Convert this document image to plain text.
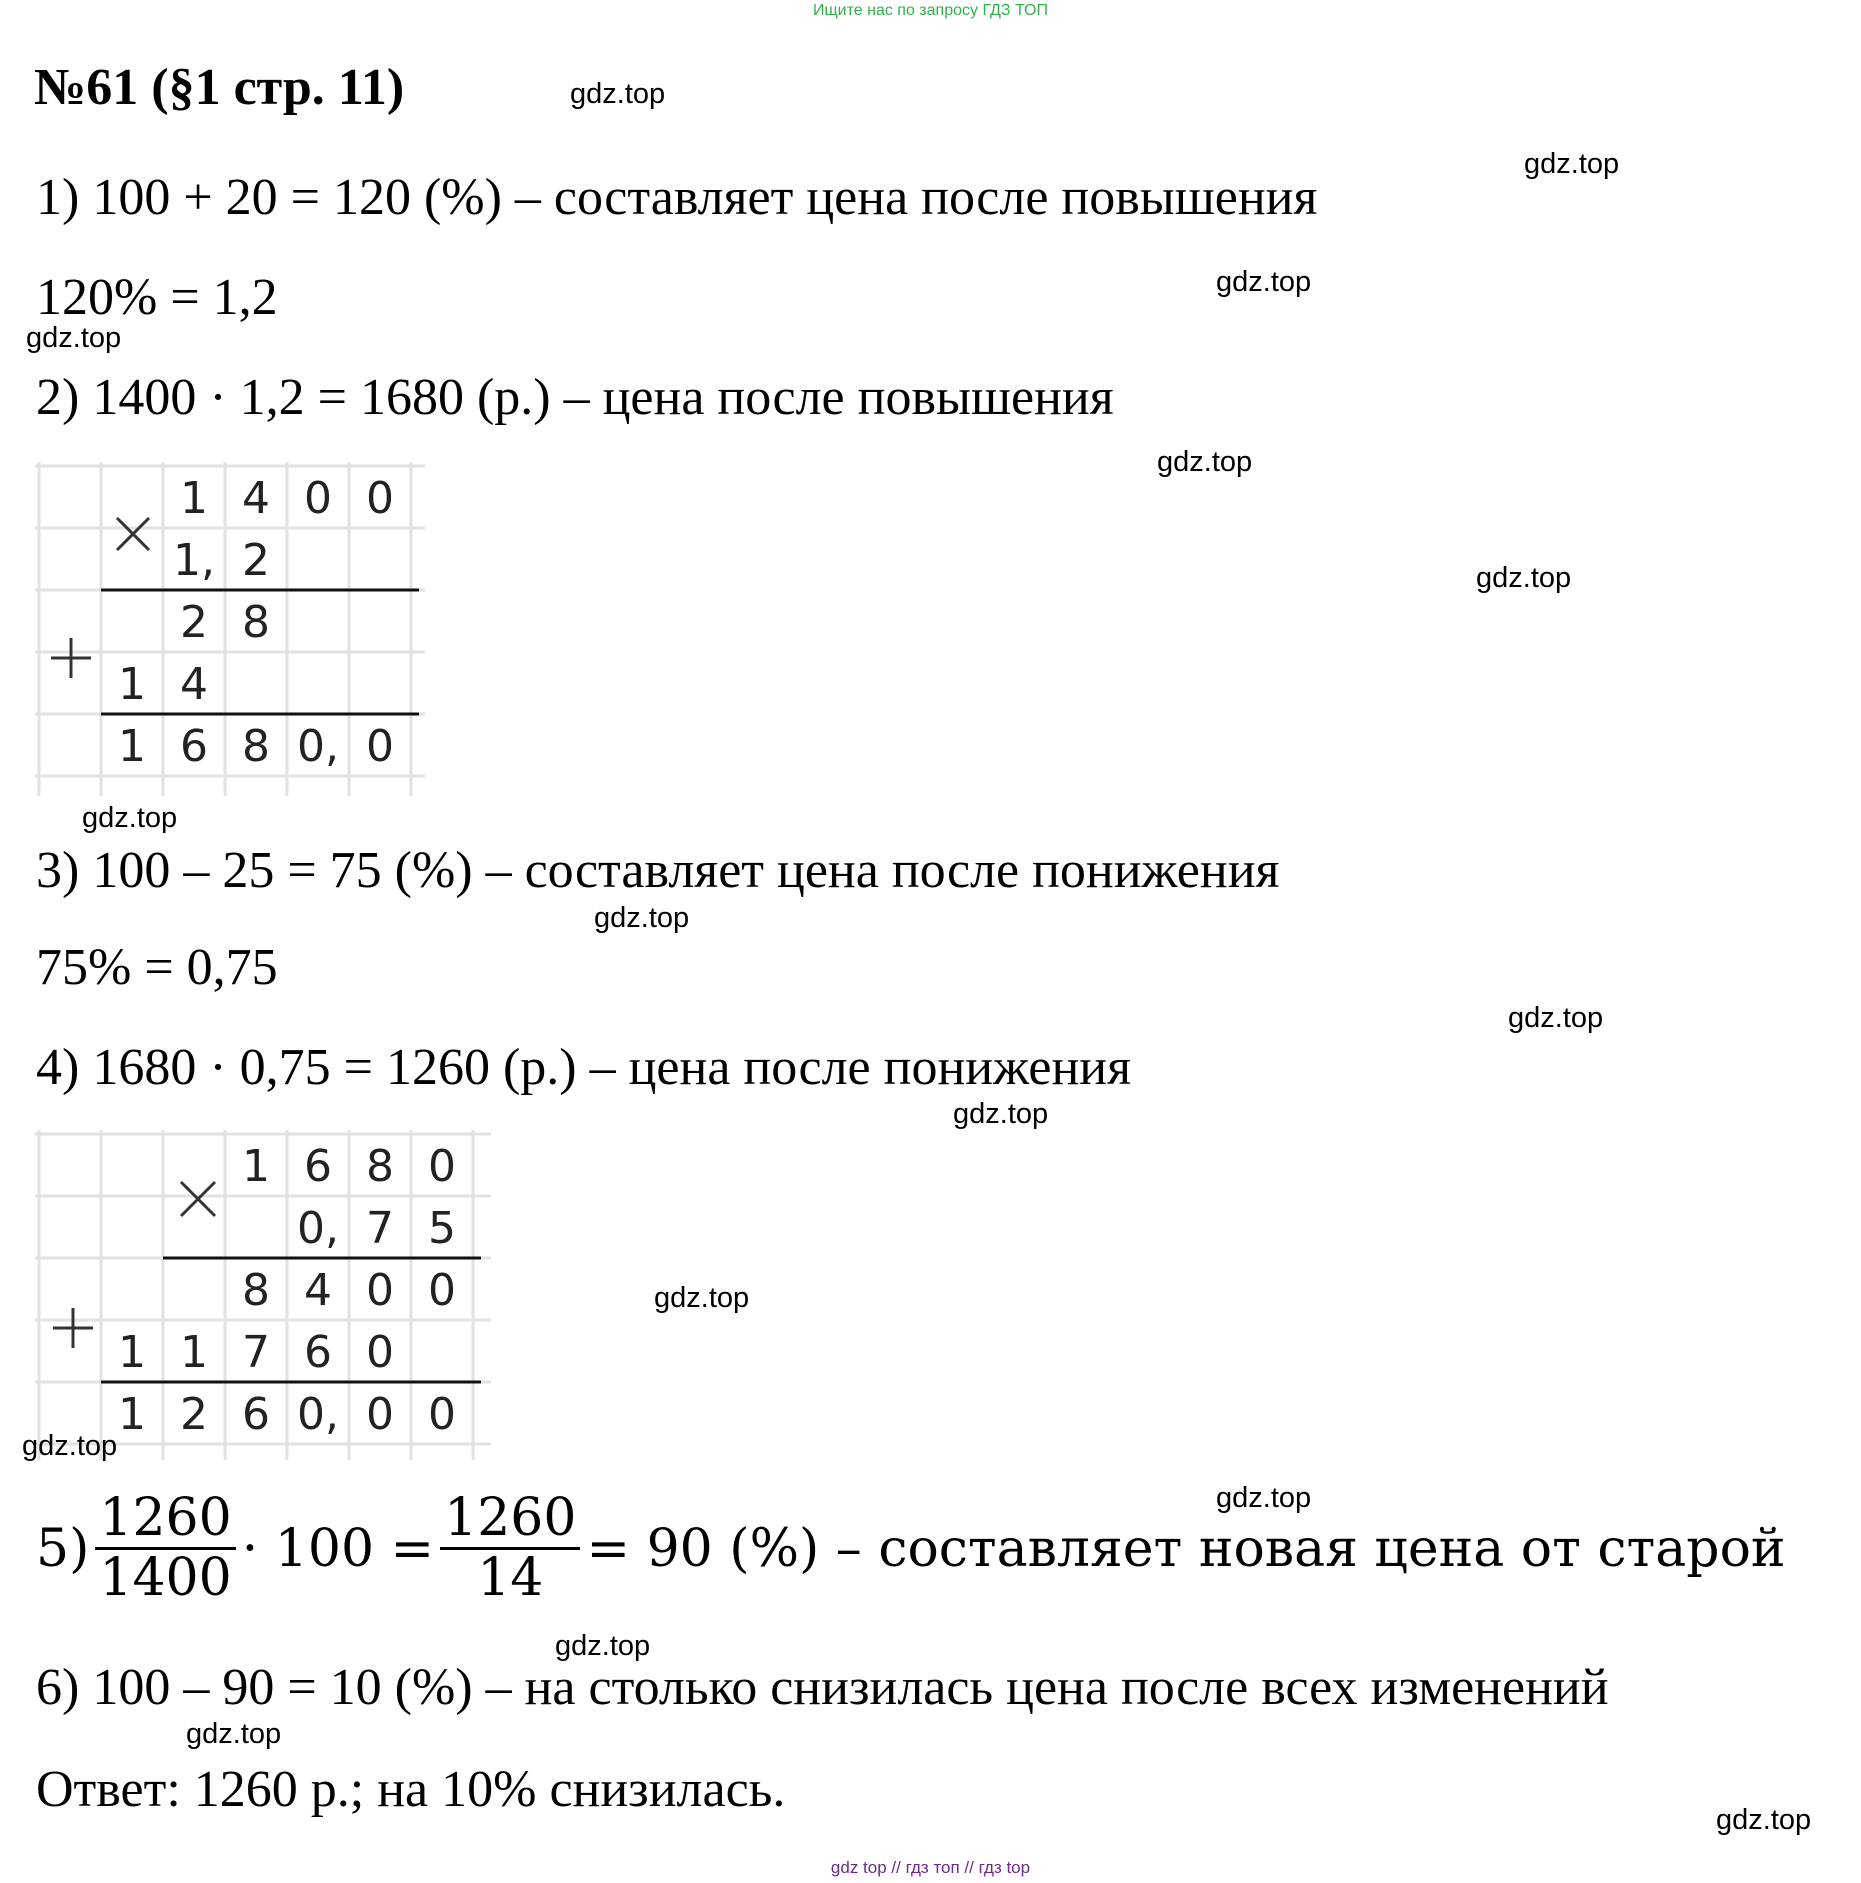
Ищите нас по запросу ГДЗ ТОП
№61 (§1 стр. 11)
1) 100 + 20 = 120 (%) – составляет цена после повышения
120% = 1,2
2) 1400 · 1,2 = 1680 (р.) – цена после повышения
1 4 0 0
1, 2
2 8
1 4
1 6 8 0, 0
3) 100 – 25 = 75 (%) – составляет цена после понижения
75% = 0,75
4) 1680 · 0,75 = 1260 (р.) – цена после понижения
1 6 8 0
0, 7 5
8 4 0 0
1 1 7 6 0
1 2 6 0, 0 0
$5) \frac{1260}{1400} \cdot 100 = \frac{1260}{14} = 90$ (%) – составляет новая цена от старой
6) 100 – 90 = 10 (%) – на столько снизилась цена после всех изменений
Ответ: 1260 р.; на 10% снизилась.
gdz.top
gdz.top
gdz.top
gdz.top
gdz.top
gdz.top
gdz.top
gdz.top
gdz.top
gdz.top
gdz.top
gdz.top
gdz.top
gdz.top
gdz.top
gdz.top
gdz top // гдз топ // гдз top
